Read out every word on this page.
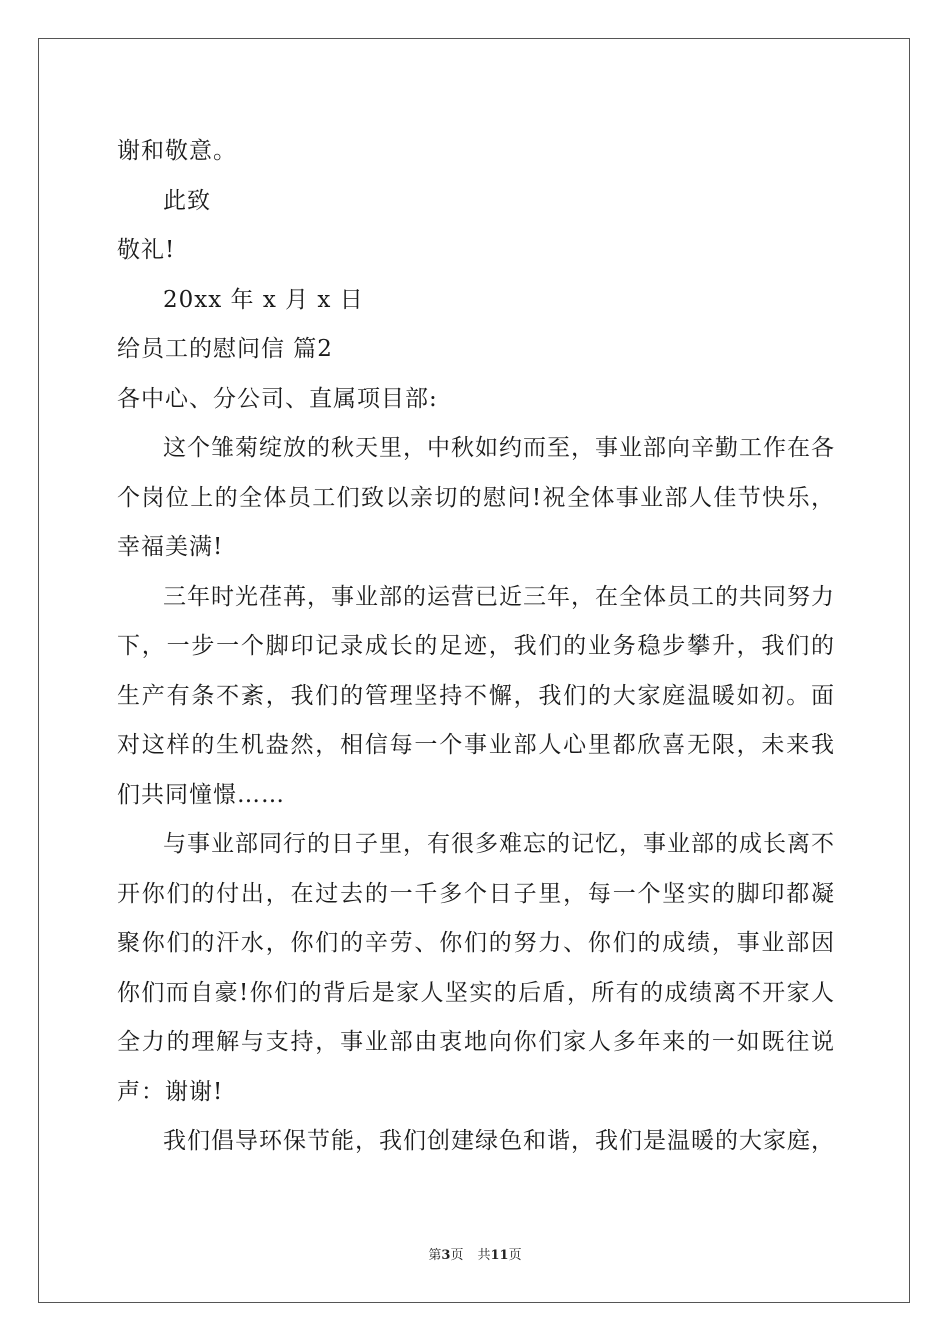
谢和敬意。
此致
敬礼!
20xx 年 x 月 x 日
给员工的慰问信 篇2
各中心、分公司、直属项目部:
这个雏菊绽放的秋天里，中秋如约而至，事业部向辛勤工作在各个岗位上的全体员工们致以亲切的慰问!祝全体事业部人佳节快乐，幸福美满!
三年时光荏苒，事业部的运营已近三年，在全体员工的共同努力下，一步一个脚印记录成长的足迹，我们的业务稳步攀升，我们的生产有条不紊，我们的管理坚持不懈，我们的大家庭温暖如初。面对这样的生机盎然，相信每一个事业部人心里都欣喜无限，未来我们共同憧憬……
与事业部同行的日子里，有很多难忘的记忆，事业部的成长离不开你们的付出，在过去的一千多个日子里，每一个坚实的脚印都凝聚你们的汗水，你们的辛劳、你们的努力、你们的成绩，事业部因你们而自豪!你们的背后是家人坚实的后盾，所有的成绩离不开家人全力的理解与支持，事业部由衷地向你们家人多年来的一如既往说声：谢谢!
我们倡导环保节能，我们创建绿色和谐，我们是温暖的大家庭，
第3页 共11页
